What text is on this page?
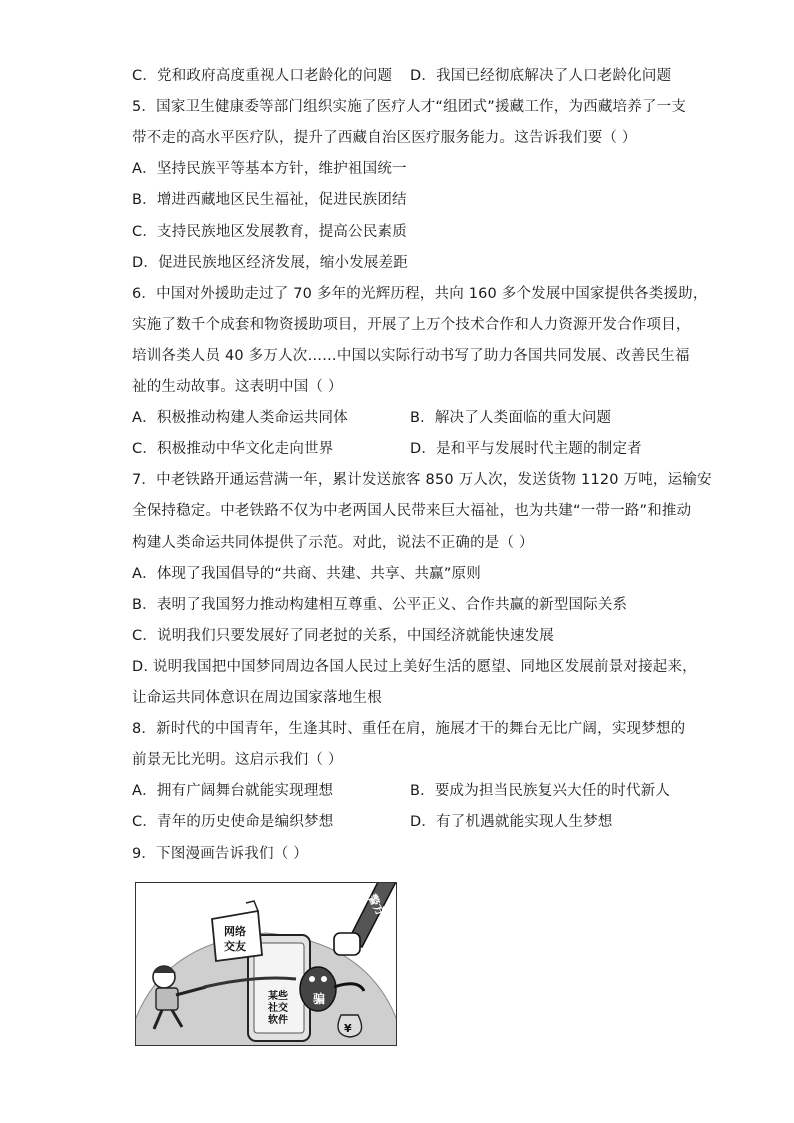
C．党和政府高度重视人口老龄化的问题 D．我国已经彻底解决了人口老龄化问题
5．国家卫生健康委等部门组织实施了医疗人才“组团式”援藏工作，为西藏培养了一支
带不走的高水平医疗队，提升了西藏自治区医疗服务能力。这告诉我们要（ ）
A．坚持民族平等基本方针，维护祖国统一
B．增进西藏地区民生福祉，促进民族团结
C．支持民族地区发展教育，提高公民素质
D．促进民族地区经济发展，缩小发展差距
6．中国对外援助走过了 70 多年的光辉历程，共向 160 多个发展中国家提供各类援助，
实施了数千个成套和物资援助项目，开展了上万个技术合作和人力资源开发合作项目，
培训各类人员 40 多万人次……中国以实际行动书写了助力各国共同发展、改善民生福
祉的生动故事。这表明中国（ ）
A．积极推动构建人类命运共同体	B．解决了人类面临的重大问题
C．积极推动中华文化走向世界	D．是和平与发展时代主题的制定者
7．中老铁路开通运营满一年，累计发送旅客 850 万人次，发送货物 1120 万吨，运输安
全保持稳定。中老铁路不仅为中老两国人民带来巨大福祉，也为共建“一带一路”和推动
构建人类命运共同体提供了示范。对此，说法不正确的是（ ）
A．体现了我国倡导的“共商、共建、共享、共赢”原则
B．表明了我国努力推动构建相互尊重、公平正义、合作共赢的新型国际关系
C．说明我们只要发展好了同老挝的关系，中国经济就能快速发展
D. 说明我国把中国梦同周边各国人民过上美好生活的愿望、同地区发展前景对接起来，
让命运共同体意识在周边国家落地生根
8．新时代的中国青年，生逢其时、重任在肩，施展才干的舞台无比广阔，实现梦想的
前景无比光明。这启示我们（ ）
A．拥有广阔舞台就能实现理想	B．要成为担当民族复兴大任的时代新人
C．青年的历史使命是编织梦想	D．有了机遇就能实现人生梦想
9．下图漫画告诉我们（ ）
某些
社交
软件
网络
交友
骗
¥
警方
